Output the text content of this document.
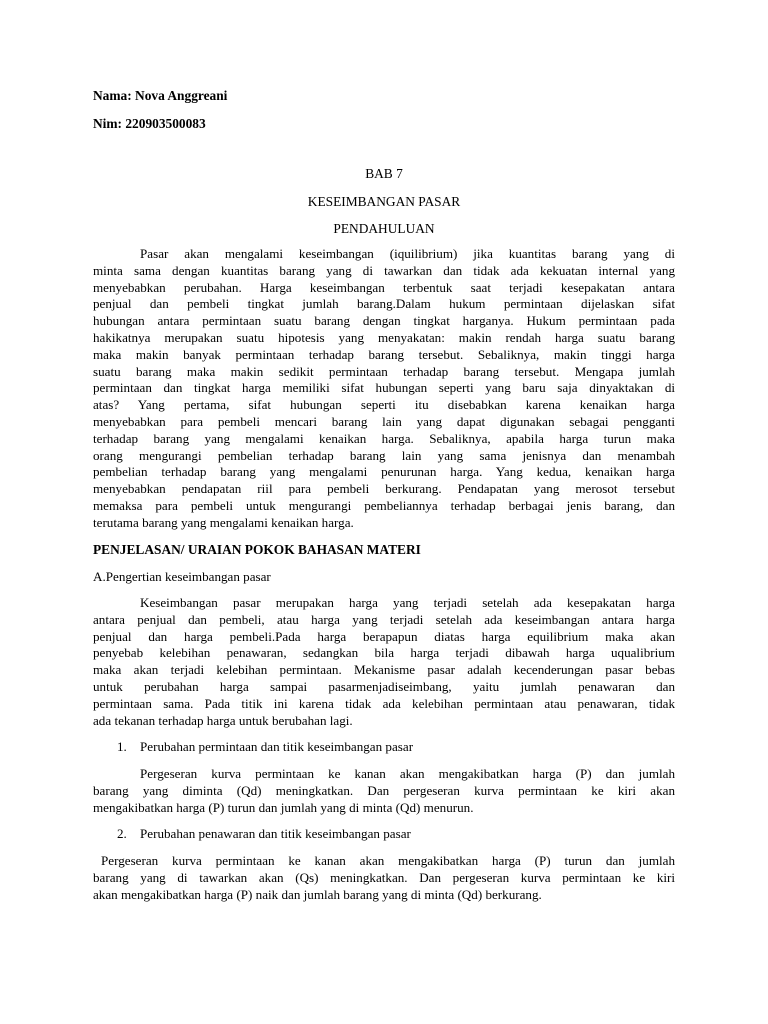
Nama: Nova Anggreani
Nim: 220903500083
BAB 7
KESEIMBANGAN PASAR
PENDAHULUAN
Pasar akan mengalami keseimbangan (iquilibrium) jika kuantitas barang yang di
minta sama dengan kuantitas barang yang di tawarkan dan tidak ada kekuatan internal yang
menyebabkan perubahan. Harga keseimbangan terbentuk saat terjadi kesepakatan antara
penjual dan pembeli tingkat jumlah barang.Dalam hukum permintaan dijelaskan sifat
hubungan antara permintaan suatu barang dengan tingkat harganya. Hukum permintaan pada
hakikatnya merupakan suatu hipotesis yang menyakatan: makin rendah harga suatu barang
maka makin banyak permintaan terhadap barang tersebut. Sebaliknya, makin tinggi harga
suatu barang maka makin sedikit permintaan terhadap barang tersebut. Mengapa jumlah
permintaan dan tingkat harga memiliki sifat hubungan seperti yang baru saja dinyaktakan di
atas? Yang pertama, sifat hubungan seperti itu disebabkan karena kenaikan harga
menyebabkan para pembeli mencari barang lain yang dapat digunakan sebagai pengganti
terhadap barang yang mengalami kenaikan harga. Sebaliknya, apabila harga turun maka
orang mengurangi pembelian terhadap barang lain yang sama jenisnya dan menambah
pembelian terhadap barang yang mengalami penurunan harga. Yang kedua, kenaikan harga
menyebabkan pendapatan riil para pembeli berkurang. Pendapatan yang merosot tersebut
memaksa para pembeli untuk mengurangi pembeliannya terhadap berbagai jenis barang, dan
terutama barang yang mengalami kenaikan harga.
PENJELASAN/ URAIAN POKOK BAHASAN MATERI
A.Pengertian keseimbangan pasar
Keseimbangan pasar merupakan harga yang terjadi setelah ada kesepakatan harga
antara penjual dan pembeli, atau harga yang terjadi setelah ada keseimbangan antara harga
penjual dan harga pembeli.Pada harga berapapun diatas harga equilibrium maka akan
penyebab kelebihan penawaran, sedangkan bila harga terjadi dibawah harga uqualibrium
maka akan terjadi kelebihan permintaan. Mekanisme pasar adalah kecenderungan pasar bebas
untuk perubahan harga sampai pasarmenjadiseimbang, yaitu jumlah penawaran dan
permintaan sama. Pada titik ini karena tidak ada kelebihan permintaan atau penawaran, tidak
ada tekanan terhadap harga untuk berubahan lagi.
1. Perubahan permintaan dan titik keseimbangan pasar
Pergeseran kurva permintaan ke kanan akan mengakibatkan harga (P) dan jumlah
barang yang diminta (Qd) meningkatkan. Dan pergeseran kurva permintaan ke kiri akan
mengakibatkan harga (P) turun dan jumlah yang di minta (Qd) menurun.
2. Perubahan penawaran dan titik keseimbangan pasar
Pergeseran kurva permintaan ke kanan akan mengakibatkan harga (P) turun dan jumlah
barang yang di tawarkan akan (Qs) meningkatkan. Dan pergeseran kurva permintaan ke kiri
akan mengakibatkan harga (P) naik dan jumlah barang yang di minta (Qd) berkurang.
